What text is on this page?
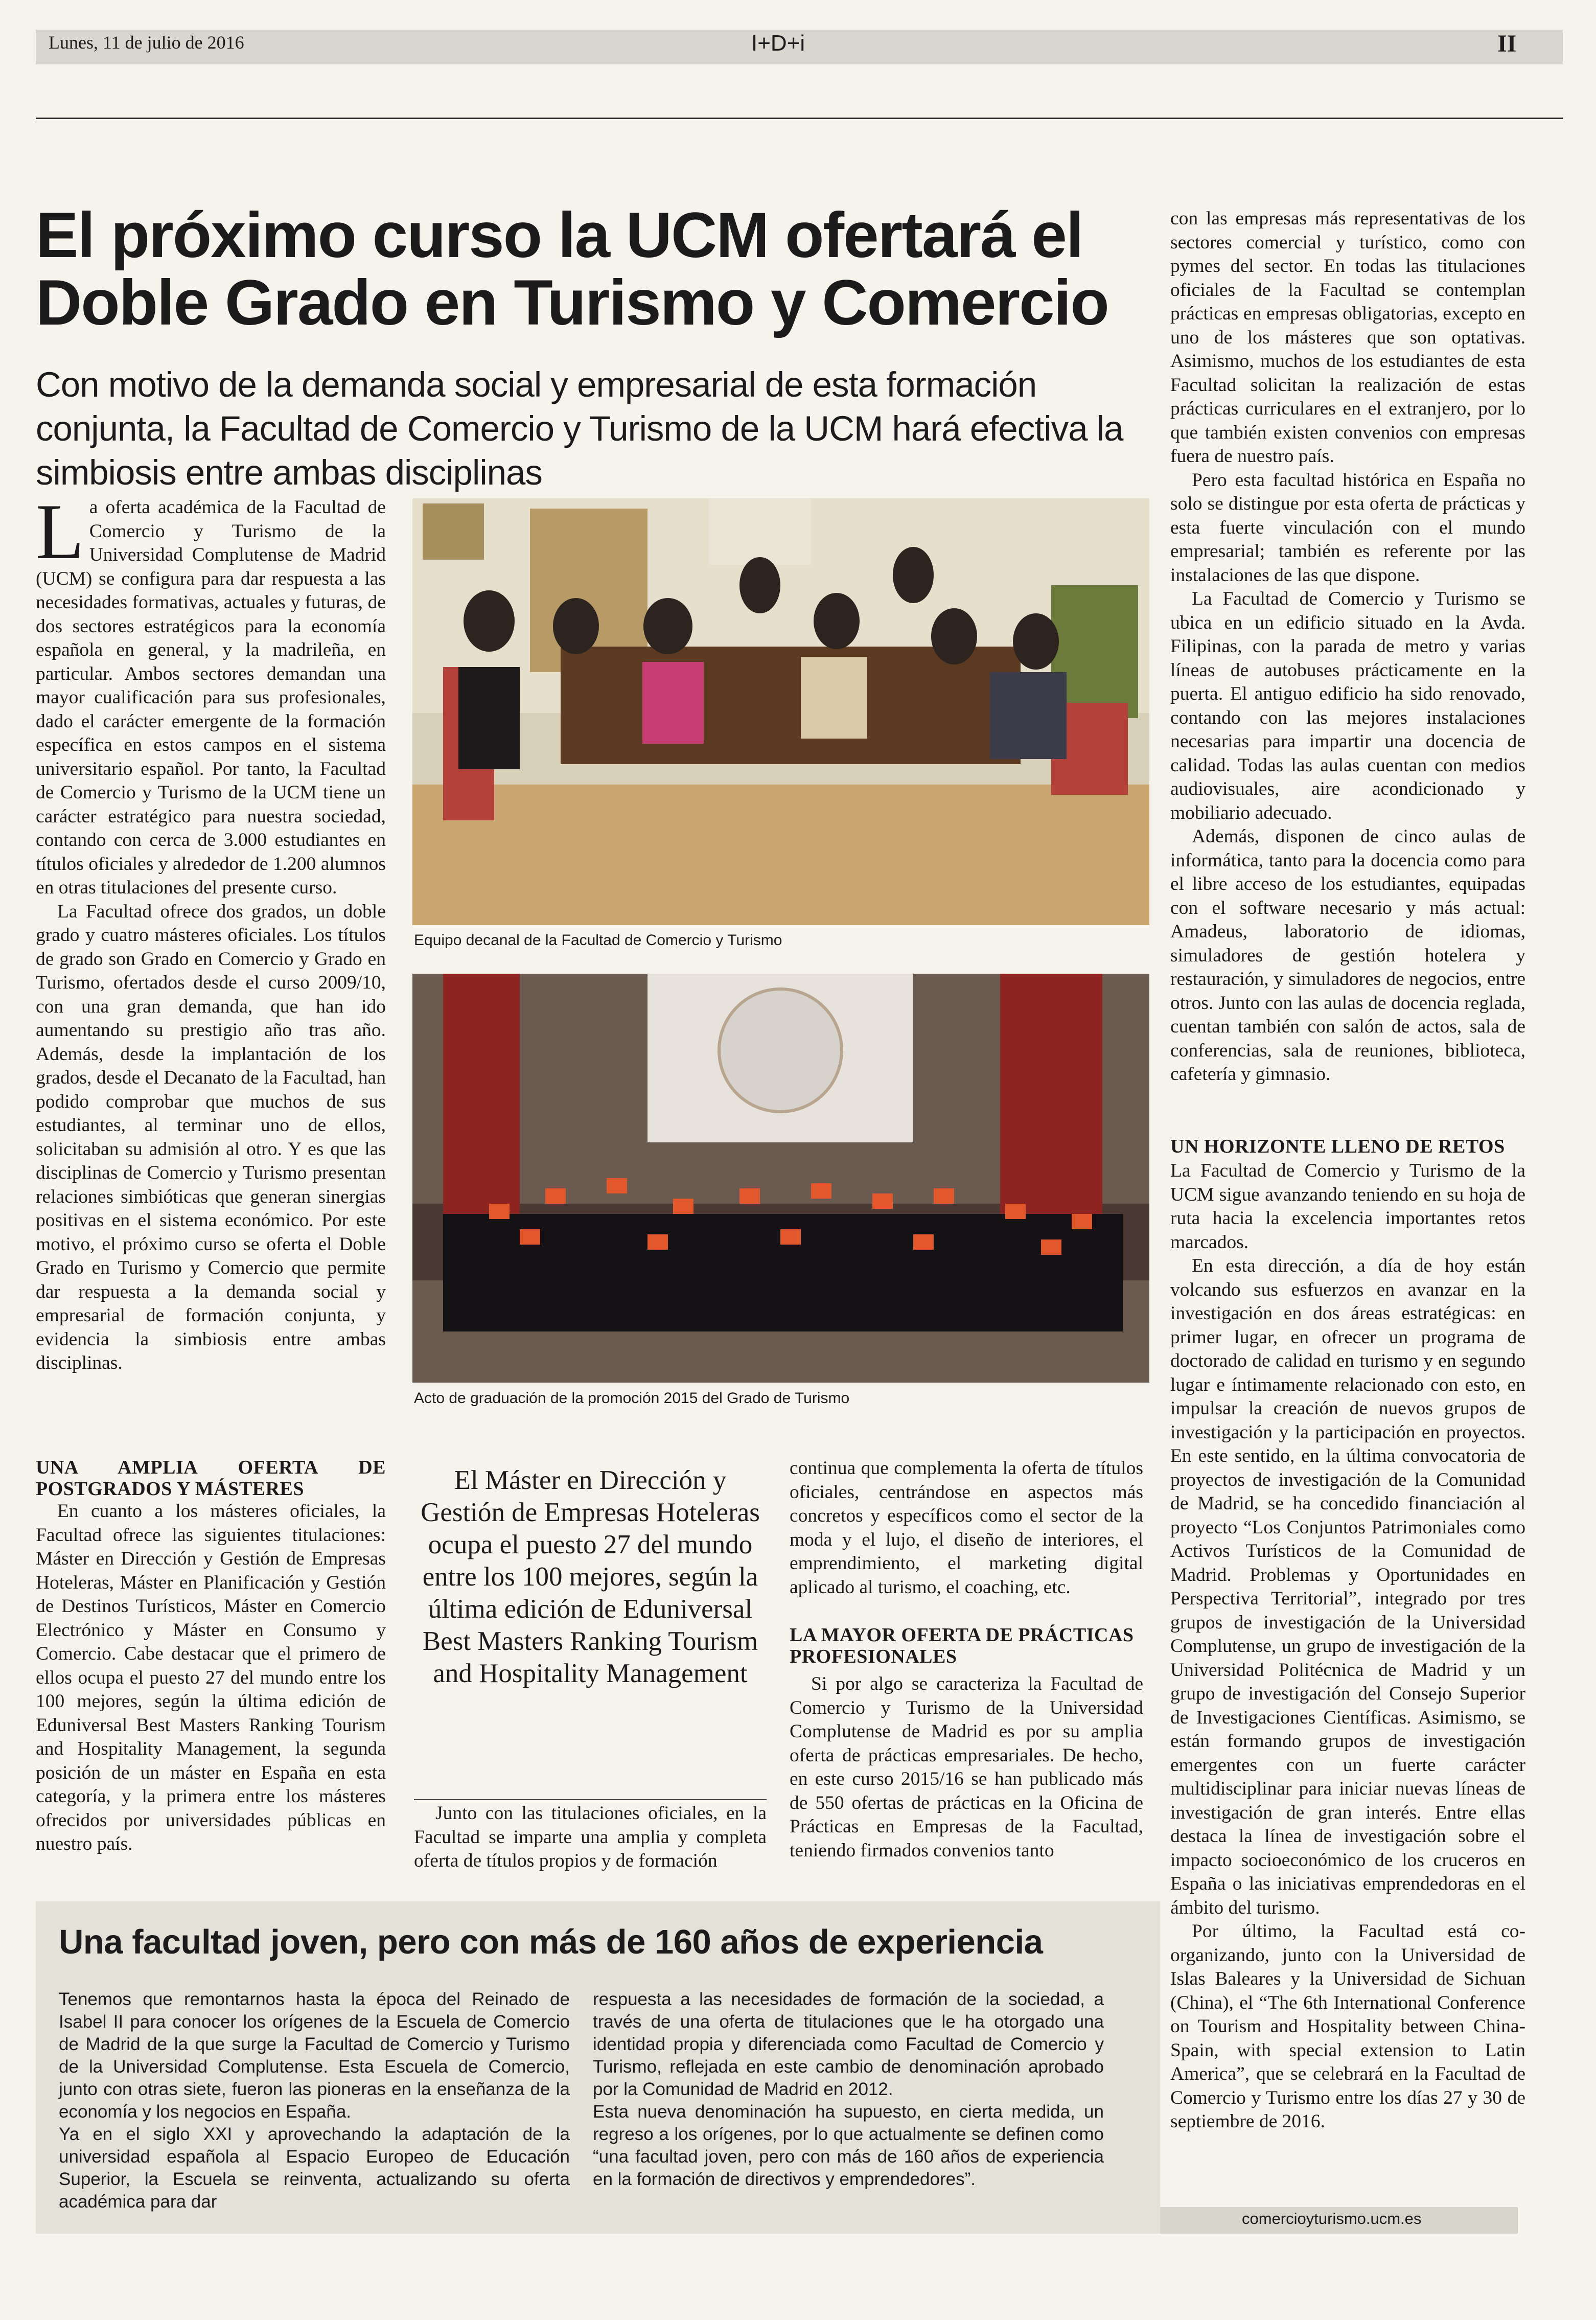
Lunes, 11 de julio de 2016	I+D+i	II
El próximo curso la UCM ofertará el Doble Grado en Turismo y Comercio

Con motivo de la demanda social y empresarial de esta formación conjunta, la Facultad de Comercio y Turismo de la UCM hará efectiva la simbiosis entre ambas disciplinas

La oferta académica de la Facultad de Comercio y Turismo de la Universidad Complutense de Madrid (UCM) se configura para dar respuesta a las necesidades formativas, actuales y futuras, de dos sectores estratégicos para la economía española en general, y la madrileña, en particular. Ambos sectores demandan una mayor cualificación para sus profesionales, dado el carácter emergente de la formación específica en estos campos en el sistema universitario español. Por tanto, la Facultad de Comercio y Turismo de la UCM tiene un carácter estratégico para nuestra sociedad, contando con cerca de 3.000 estudiantes en títulos oficiales y alrededor de 1.200 alumnos en otras titulaciones del presente curso.

La Facultad ofrece dos grados, un doble grado y cuatro másteres oficiales. Los títulos de grado son Grado en Comercio y Grado en Turismo, ofertados desde el curso 2009/10, con una gran demanda, que han ido aumentando su prestigio año tras año. Además, desde la implantación de los grados, desde el Decanato de la Facultad, han podido comprobar que muchos de sus estudiantes, al terminar uno de ellos, solicitaban su admisión al otro. Y es que las disciplinas de Comercio y Turismo presentan relaciones simbióticas que generan sinergias positivas en el sistema económico. Por este motivo, el próximo curso se oferta el Doble Grado en Turismo y Comercio que permite dar respuesta a la demanda social y empresarial de formación conjunta, y evidencia la simbiosis entre ambas disciplinas.

UNA AMPLIA OFERTA DE POSTGRADOS Y MÁSTERES

En cuanto a los másteres oficiales, la Facultad ofrece las siguientes titulaciones: Máster en Dirección y Gestión de Empresas Hoteleras, Máster en Planificación y Gestión de Destinos Turísticos, Máster en Comercio Electrónico y Máster en Consumo y Comercio. Cabe destacar que el primero de ellos ocupa el puesto 27 del mundo entre los 100 mejores, según la última edición de Eduniversal Best Masters Ranking Tourism and Hospitality Management, la segunda posición de un máster en España en esta categoría, y la primera entre los másteres ofrecidos por universidades públicas en nuestro país.

Equipo decanal de la Facultad de Comercio y Turismo
Acto de graduación de la promoción 2015 del Grado de Turismo

El Máster en Dirección y Gestión de Empresas Hoteleras ocupa el puesto 27 del mundo entre los 100 mejores, según la última edición de Eduniversal Best Masters Ranking Tourism and Hospitality Management

Junto con las titulaciones oficiales, en la Facultad se imparte una amplia y completa oferta de títulos propios y de formación

continua que complementa la oferta de títulos oficiales, centrándose en aspectos más concretos y específicos como el sector de la moda y el lujo, el diseño de interiores, el emprendimiento, el marketing digital aplicado al turismo, el coaching, etc.

LA MAYOR OFERTA DE PRÁCTICAS PROFESIONALES

Si por algo se caracteriza la Facultad de Comercio y Turismo de la Universidad Complutense de Madrid es por su amplia oferta de prácticas empresariales. De hecho, en este curso 2015/16 se han publicado más de 550 ofertas de prácticas en la Oficina de Prácticas en Empresas de la Facultad, teniendo firmados convenios tanto

con las empresas más representativas de los sectores comercial y turístico, como con pymes del sector. En todas las titulaciones oficiales de la Facultad se contemplan prácticas en empresas obligatorias, excepto en uno de los másteres que son optativas. Asimismo, muchos de los estudiantes de esta Facultad solicitan la realización de estas prácticas curriculares en el extranjero, por lo que también existen convenios con empresas fuera de nuestro país.

Pero esta facultad histórica en España no solo se distingue por esta oferta de prácticas y esta fuerte vinculación con el mundo empresarial; también es referente por las instalaciones de las que dispone.

La Facultad de Comercio y Turismo se ubica en un edificio situado en la Avda. Filipinas, con la parada de metro y varias líneas de autobuses prácticamente en la puerta. El antiguo edificio ha sido renovado, contando con las mejores instalaciones necesarias para impartir una docencia de calidad. Todas las aulas cuentan con medios audiovisuales, aire acondicionado y mobiliario adecuado.

Además, disponen de cinco aulas de informática, tanto para la docencia como para el libre acceso de los estudiantes, equipadas con el software necesario y más actual: Amadeus, laboratorio de idiomas, simuladores de gestión hotelera y restauración, y simuladores de negocios, entre otros. Junto con las aulas de docencia reglada, cuentan también con salón de actos, sala de conferencias, sala de reuniones, biblioteca, cafetería y gimnasio.

UN HORIZONTE LLENO DE RETOS

La Facultad de Comercio y Turismo de la UCM sigue avanzando teniendo en su hoja de ruta hacia la excelencia importantes retos marcados.

En esta dirección, a día de hoy están volcando sus esfuerzos en avanzar en la investigación en dos áreas estratégicas: en primer lugar, en ofrecer un programa de doctorado de calidad en turismo y en segundo lugar e íntimamente relacionado con esto, en impulsar la creación de nuevos grupos de investigación y la participación en proyectos. En este sentido, en la última convocatoria de proyectos de investigación de la Comunidad de Madrid, se ha concedido financiación al proyecto “Los Conjuntos Patrimoniales como Activos Turísticos de la Comunidad de Madrid. Problemas y Oportunidades en Perspectiva Territorial”, integrado por tres grupos de investigación de la Universidad Complutense, un grupo de investigación de la Universidad Politécnica de Madrid y un grupo de investigación del Consejo Superior de Investigaciones Científicas. Asimismo, se están formando grupos de investigación emergentes con un fuerte carácter multidisciplinar para iniciar nuevas líneas de investigación de gran interés. Entre ellas destaca la línea de investigación sobre el impacto socioeconómico de los cruceros en España o las iniciativas emprendedoras en el ámbito del turismo.

Por último, la Facultad está co-organizando, junto con la Universidad de Islas Baleares y la Universidad de Sichuan (China), el “The 6th International Conference on Tourism and Hospitality between China-Spain, with special extension to Latin America”, que se celebrará en la Facultad de Comercio y Turismo entre los días 27 y 30 de septiembre de 2016.

Una facultad joven, pero con más de 160 años de experiencia

Tenemos que remontarnos hasta la época del Reinado de Isabel II para conocer los orígenes de la Escuela de Comercio de Madrid de la que surge la Facultad de Comercio y Turismo de la Universidad Complutense. Esta Escuela de Comercio, junto con otras siete, fueron las pioneras en la enseñanza de la economía y los negocios en España.

Ya en el siglo XXI y aprovechando la adaptación de la universidad española al Espacio Europeo de Educación Superior, la Escuela se reinventa, actualizando su oferta académica para dar

respuesta a las necesidades de formación de la sociedad, a través de una oferta de titulaciones que le ha otorgado una identidad propia y diferenciada como Facultad de Comercio y Turismo, reflejada en este cambio de denominación aprobado por la Comunidad de Madrid en 2012.

Esta nueva denominación ha supuesto, en cierta medida, un regreso a los orígenes, por lo que actualmente se definen como “una facultad joven, pero con más de 160 años de experiencia en la formación de directivos y emprendedores”.

comercioyturismo.ucm.es
